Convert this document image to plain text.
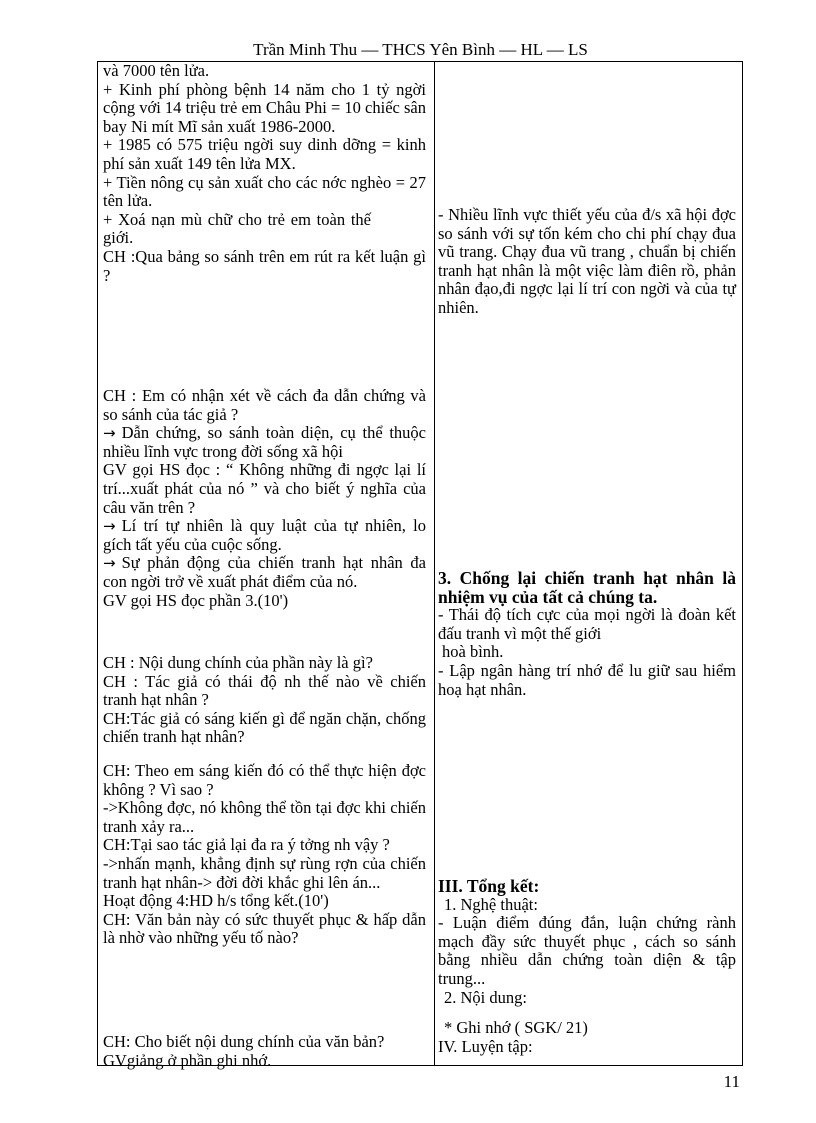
Trần Minh Thu — THCS Yên Bình — HL — LS

và 7000 tên lửa.

+ Kinh phí phòng bệnh 14 năm cho 1 tỷ ngời cộng với 14 triệu trẻ em Châu Phi = 10 chiếc sân bay Ni mít Mĩ sản xuất 1986-2000.

+ 1985 có 575 triệu ngời suy dinh dỡng = kinh phí sản xuất 149 tên lửa MX.

+ Tiền nông cụ sản xuất cho các nớc nghèo = 27 tên lửa.

+ Xoá nạn mù chữ cho trẻ em toàn thế giới.

CH :Qua bảng so sánh trên em rút ra kết luận gì ?

CH : Em có nhận xét về cách đa dẫn chứng và so sánh của tác giả ?

→ Dẫn chứng, so sánh toàn diện, cụ thể thuộc nhiều lĩnh vực trong đời sống xã hội

GV gọi HS đọc : “ Không những đi ngợc lại lí trí...xuất phát của nó ” và cho biết ý nghĩa của câu văn trên ?

→ Lí trí tự nhiên là quy luật của tự nhiên, lo gích tất yếu của cuộc sống.

→ Sự phản động của chiến tranh hạt nhân đa con ngời trở về xuất phát điểm của nó.

GV gọi HS đọc phần 3.(10')

CH : Nội dung chính của phần này là gì?

CH : Tác giả có thái độ nh thế nào về chiến tranh hạt nhân ?

CH:Tác giả có sáng kiến gì để ngăn chặn, chống chiến tranh hạt nhân?

CH: Theo em sáng kiến đó có thể thực hiện đợc không ? Vì sao ?

->Không đợc, nó không thể tồn tại đợc khi chiến tranh xảy ra...

CH:Tại sao tác giả lại đa ra ý tởng nh vậy ?

->nhấn mạnh, khẳng định sự rùng rợn của chiến tranh hạt nhân-> đời đời khắc ghi lên án...

Hoạt động 4:HD h/s tổng kết.(10')

CH: Văn bản này có sức thuyết phục & hấp dẫn là nhờ vào những yếu tố nào?

CH: Cho biết nội dung chính của văn bản?

GVgiảng ở phần ghi nhớ.

- Nhiều lĩnh vực thiết yếu của đ/s xã hội đợc so sánh với sự tốn kém cho chi phí chạy đua vũ trang. Chạy đua vũ trang , chuẩn bị chiến tranh hạt nhân là một việc làm điên rồ, phản nhân đạo,đi ngợc lại lí trí con ngời và của tự nhiên.

3. Chống lại chiến tranh hạt nhân là nhiệm vụ của tất cả chúng ta.

- Thái độ tích cực của mọi ngời là đoàn kết đấu tranh vì một thế giới

hoà bình.

- Lập ngân hàng trí nhớ để lu giữ sau hiểm hoạ hạt nhân.

III. Tổng kết:

1. Nghệ thuật:

- Luận điểm đúng đắn, luận chứng rành mạch đầy sức thuyết phục , cách so sánh bằng nhiều dẫn chứng toàn diện & tập trung...

2. Nội dung:

* Ghi nhớ ( SGK/ 21)

IV. Luyện tập:

11
